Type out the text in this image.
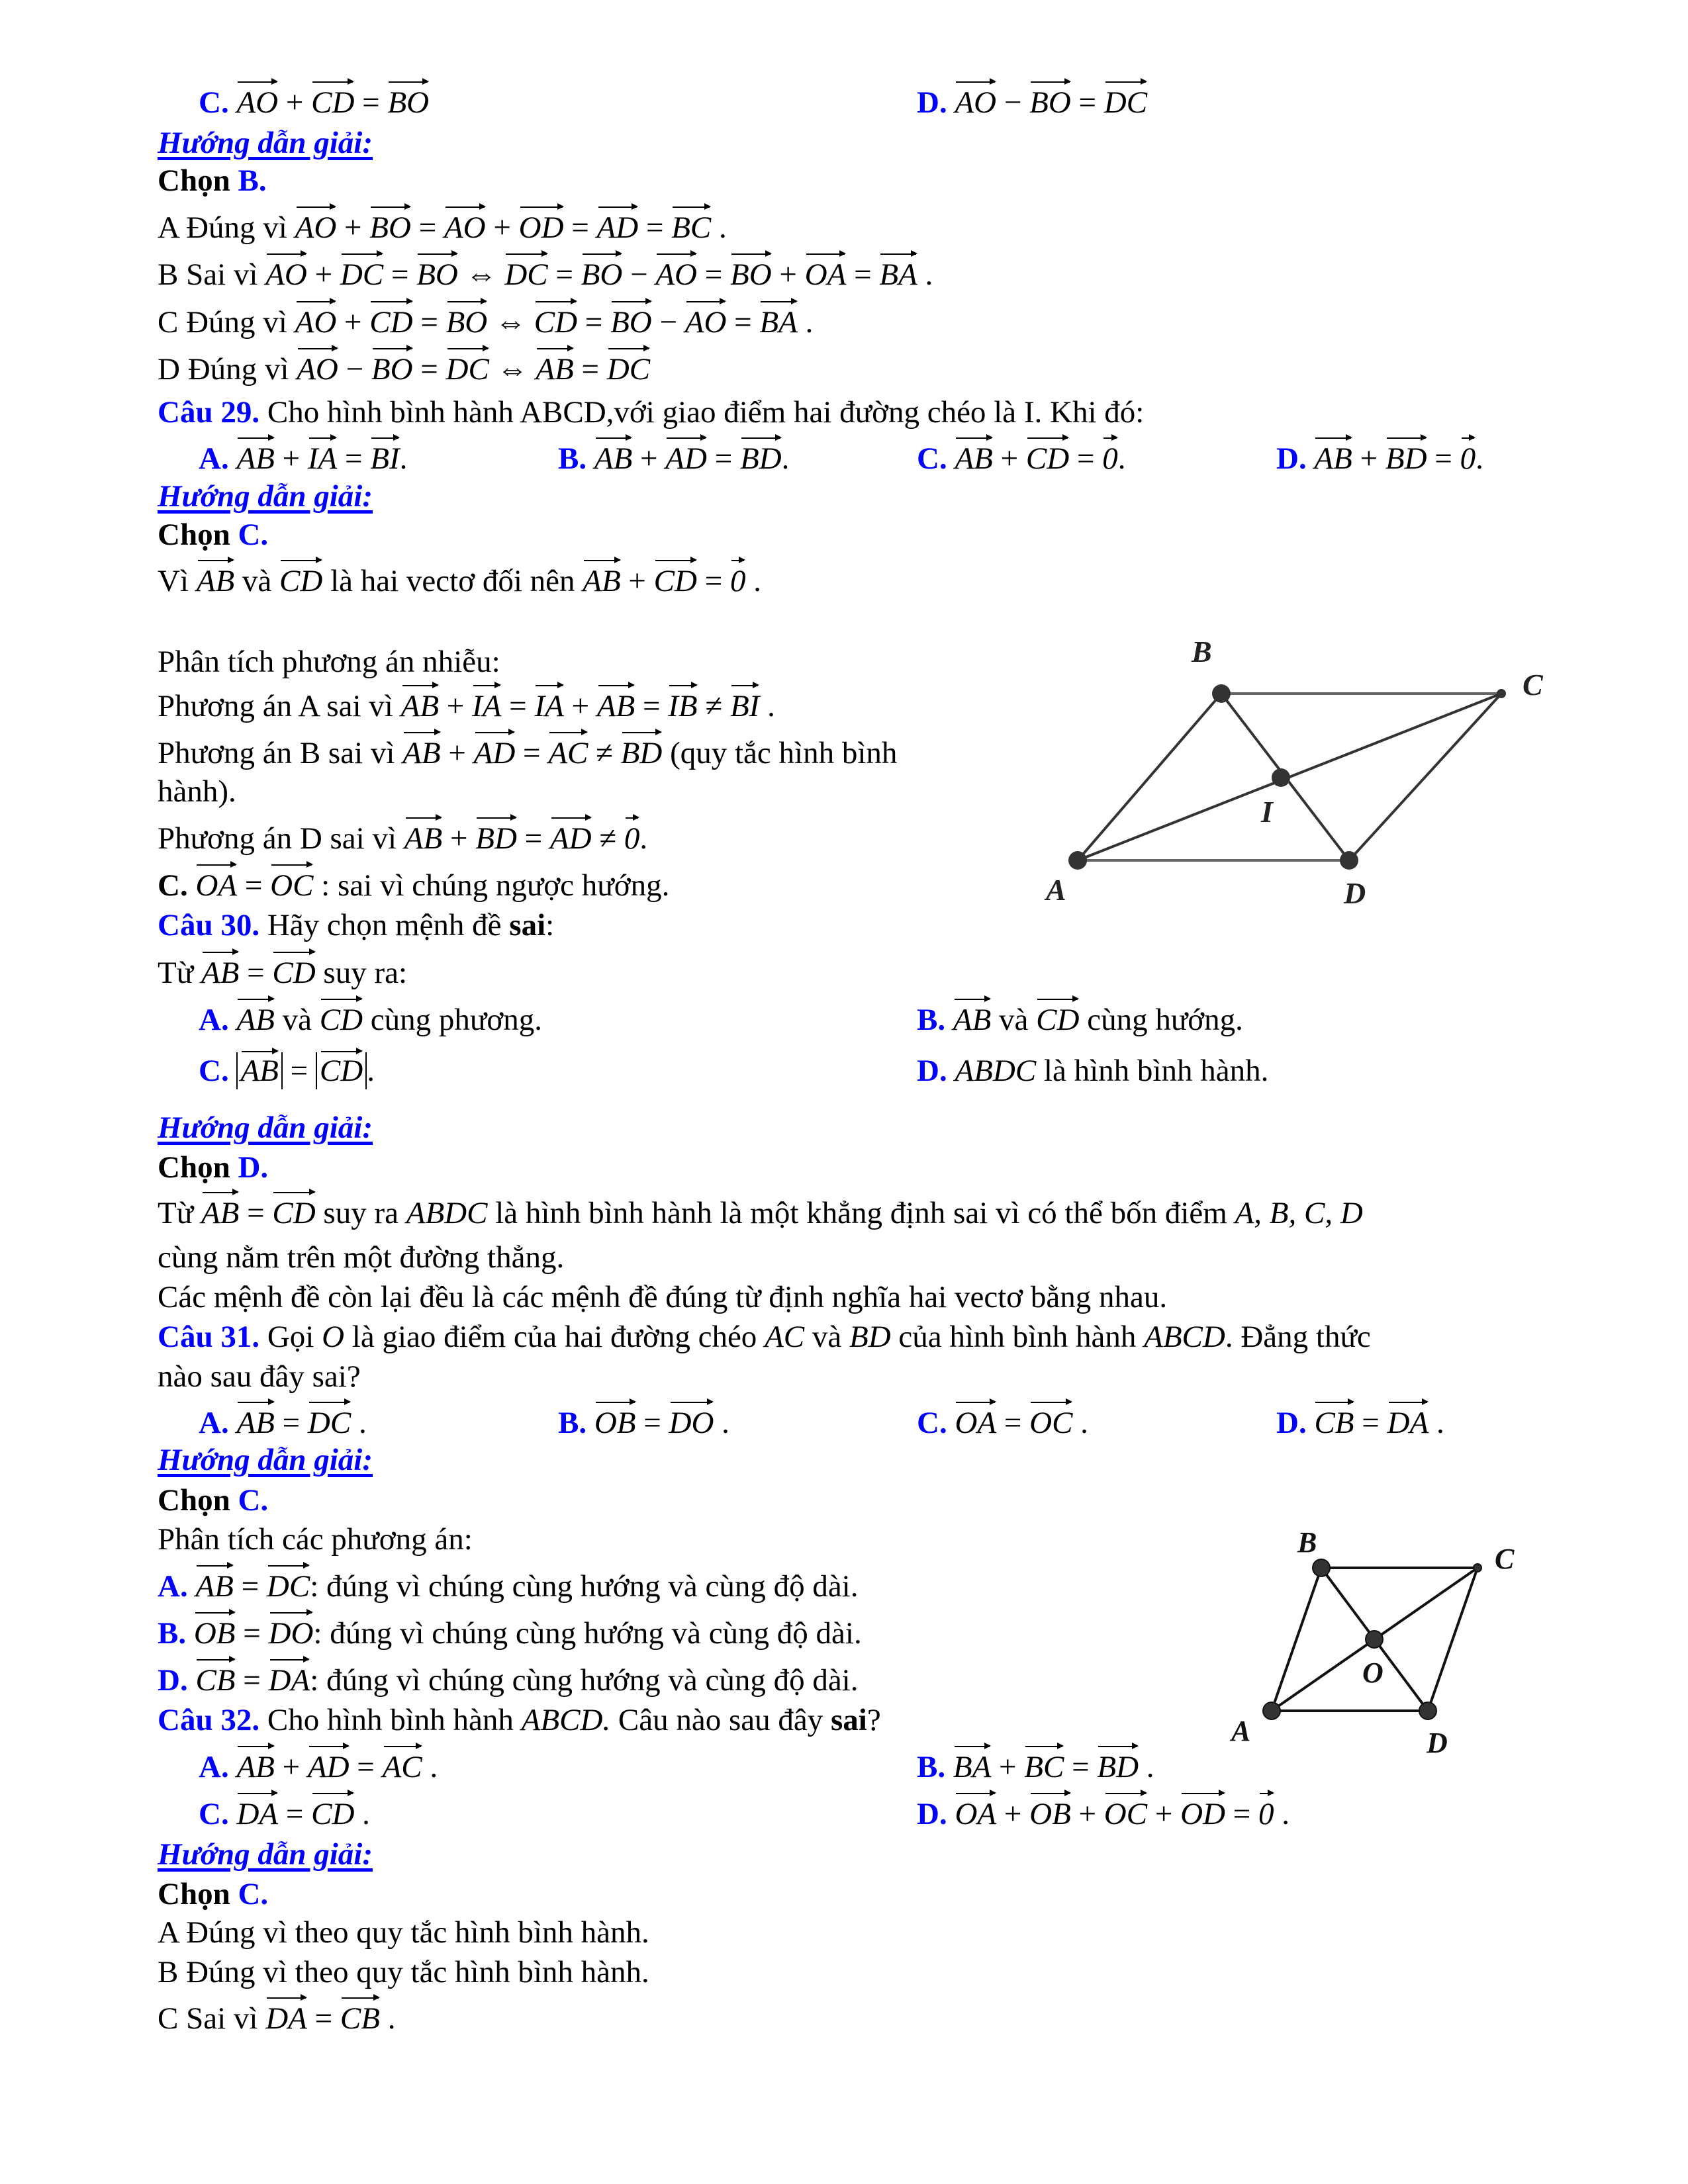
C. AO + CD = BO	D. AO − BO = DC
Hướng dẫn giải:
Chọn B.
A Đúng vì AO + BO = AO + OD = AD = BC .
B Sai vì AO + DC = BO ⇔ DC = BO − AO = BO + OA = BA .
C Đúng vì AO + CD = BO ⇔ CD = BO − AO = BA .
D Đúng vì AO − BO = DC ⇔ AB = DC
Câu 29. Cho hình bình hành ABCD,với giao điểm hai đường chéo là I. Khi đó:
A. AB + IA = BI.	B. AB + AD = BD.	C. AB + CD = 0.	D. AB + BD = 0.
Hướng dẫn giải:
Chọn C.
Vì AB và CD là hai vectơ đối nên AB + CD = 0 .
Phân tích phương án nhiễu:
Phương án A sai vì AB + IA = IA + AB = IB ≠ BI .
Phương án B sai vì AB + AD = AC ≠ BD (quy tắc hình bình
hành).
Phương án D sai vì AB + BD = AD ≠ 0.
C. OA = OC : sai vì chúng ngược hướng.	A
B
C
D
I
Câu 30. Hãy chọn mệnh đề sai:
Từ AB = CD suy ra:
A. AB và CD cùng phương.	B. AB và CD cùng hướng.
C. AB = CD .	D. ABDC là hình bình hành.
Hướng dẫn giải:
Chọn D.
Từ AB = CD suy ra ABDC là hình bình hành là một khẳng định sai vì có thể bốn điểm A, B, C, D
cùng nằm trên một đường thẳng.
Các mệnh đề còn lại đều là các mệnh đề đúng từ định nghĩa hai vectơ bằng nhau.
Câu 31. Gọi O là giao điểm của hai đường chéo AC và BD của hình bình hành ABCD. Đẳng thức
nào sau đây sai?
A. AB = DC .	B. OB = DO .	C. OA = OC .	D. CB = DA .
Hướng dẫn giải:
Chọn C.
Phân tích các phương án:
A. AB = DC: đúng vì chúng cùng hướng và cùng độ dài.
B. OB = DO: đúng vì chúng cùng hướng và cùng độ dài.
D. CB = DA: đúng vì chúng cùng hướng và cùng độ dài.
A
B
C
D
O
Câu 32. Cho hình bình hành ABCD. Câu nào sau đây sai?
A. AB + AD = AC .	B. BA + BC = BD .
C. DA = CD .	D. OA + OB + OC + OD = 0 .
Hướng dẫn giải:
Chọn C.
A Đúng vì theo quy tắc hình bình hành.
B Đúng vì theo quy tắc hình bình hành.
C Sai vì DA = CB .
